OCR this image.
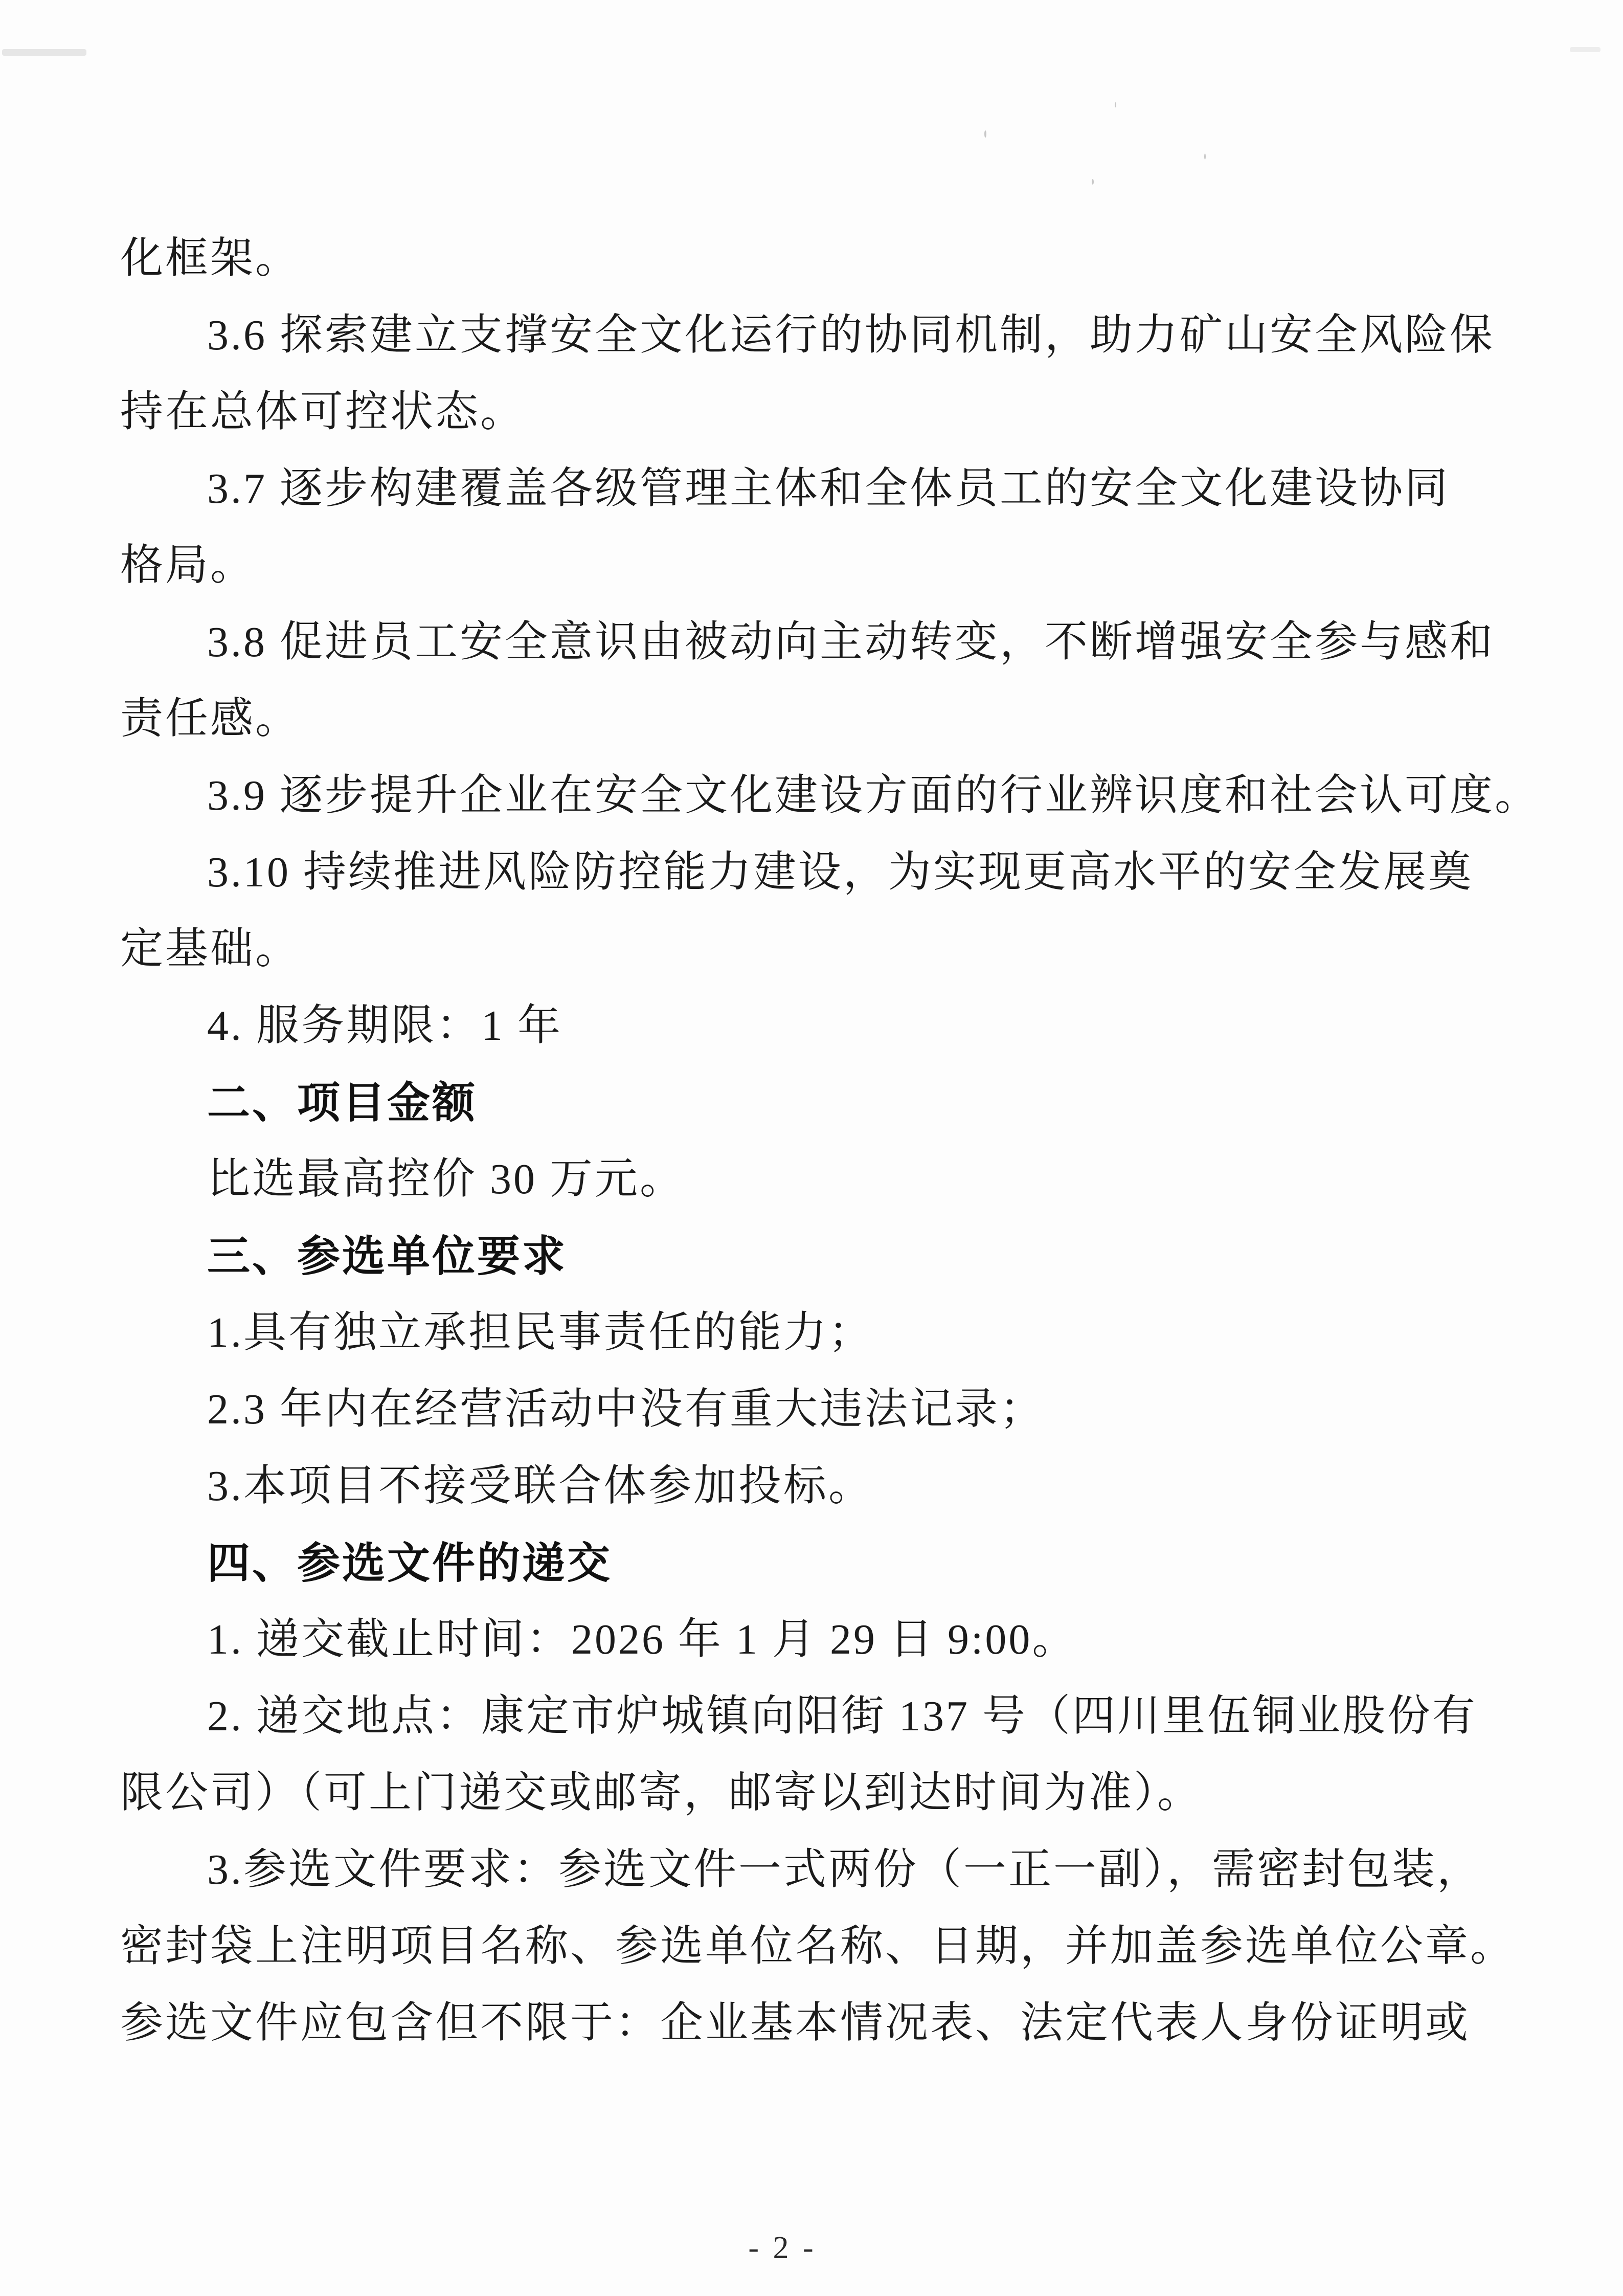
化框架。
3.6 探索建立支撑安全文化运行的协同机制，助力矿山安全风险保
持在总体可控状态。
3.7 逐步构建覆盖各级管理主体和全体员工的安全文化建设协同
格局。
3.8 促进员工安全意识由被动向主动转变，不断增强安全参与感和
责任感。
3.9 逐步提升企业在安全文化建设方面的行业辨识度和社会认可度。
3.10 持续推进风险防控能力建设，为实现更高水平的安全发展奠
定基础。
4. 服务期限：1 年
二、项目金额
比选最高控价 30 万元。
三、参选单位要求
1.具有独立承担民事责任的能力；
2.3 年内在经营活动中没有重大违法记录；
3.本项目不接受联合体参加投标。
四、参选文件的递交
1. 递交截止时间：2026 年 1 月 29 日 9:00。
2. 递交地点：康定市炉城镇向阳街 137 号（四川里伍铜业股份有
限公司）（可上门递交或邮寄，邮寄以到达时间为准）。
3.参选文件要求：参选文件一式两份（一正一副），需密封包装，
密封袋上注明项目名称、参选单位名称、日期，并加盖参选单位公章。
参选文件应包含但不限于：企业基本情况表、法定代表人身份证明或
- 2 -
